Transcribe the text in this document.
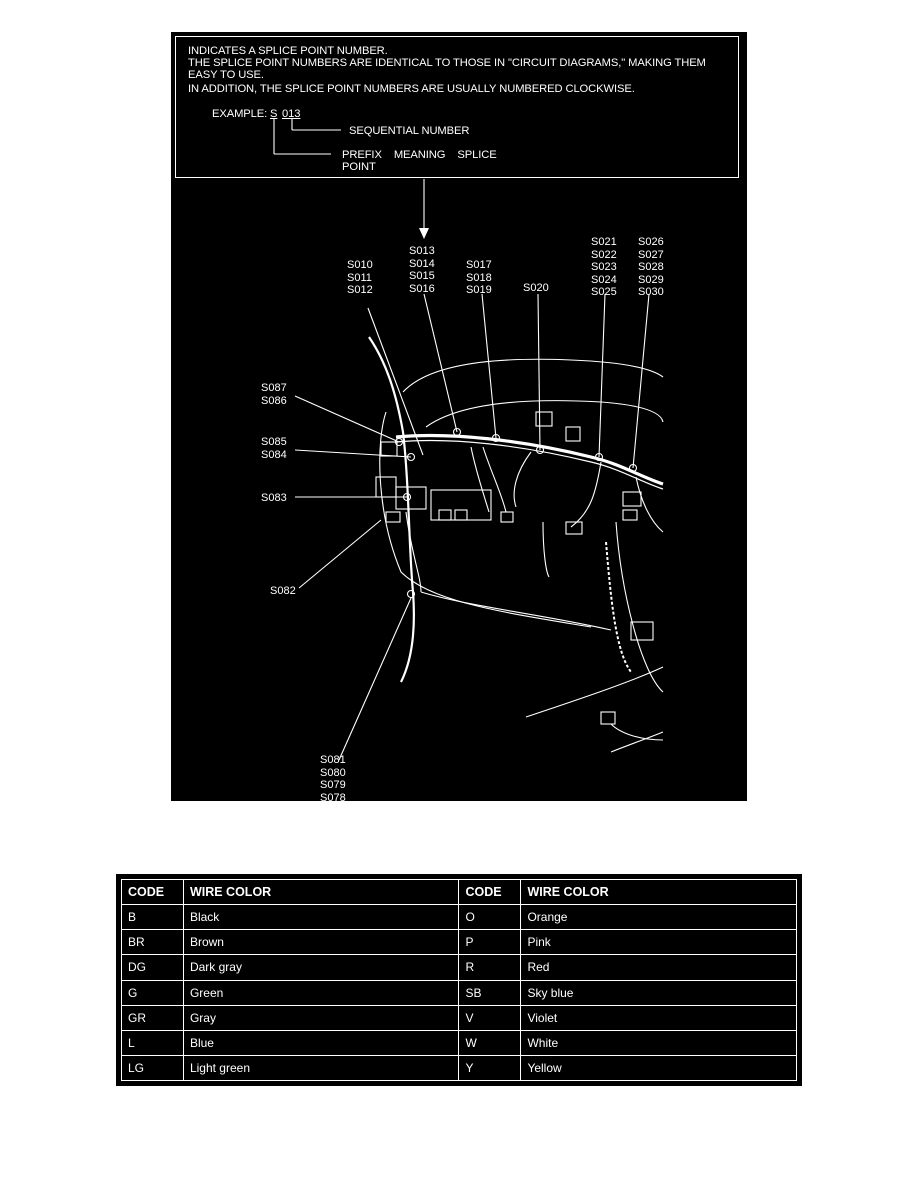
INDICATES A SPLICE POINT NUMBER.
THE SPLICE POINT NUMBERS ARE IDENTICAL TO THOSE IN "CIRCUIT DIAGRAMS," MAKING THEM
EASY TO USE.
IN ADDITION, THE SPLICE POINT NUMBERS ARE USUALLY NUMBERED CLOCKWISE.
EXAMPLE: S 013
SEQUENTIAL NUMBER
PREFIX    MEANING    SPLICE
POINT
S010
S011
S012
S013
S014
S015
S016
S017
S018
S019	S020
S021
S022
S023
S024
S025
S026
S027
S028
S029
S030
S087
S086
S085
S084
S083
S082
S081
S080
S079
S078
CODE	WIRE COLOR	CODE	WIRE COLOR
B	Black	O	Orange
BR	Brown	P	Pink
DG	Dark gray	R	Red
G	Green	SB	Sky blue
GR	Gray	V	Violet
L	Blue	W	White
LG	Light green	Y	Yellow
